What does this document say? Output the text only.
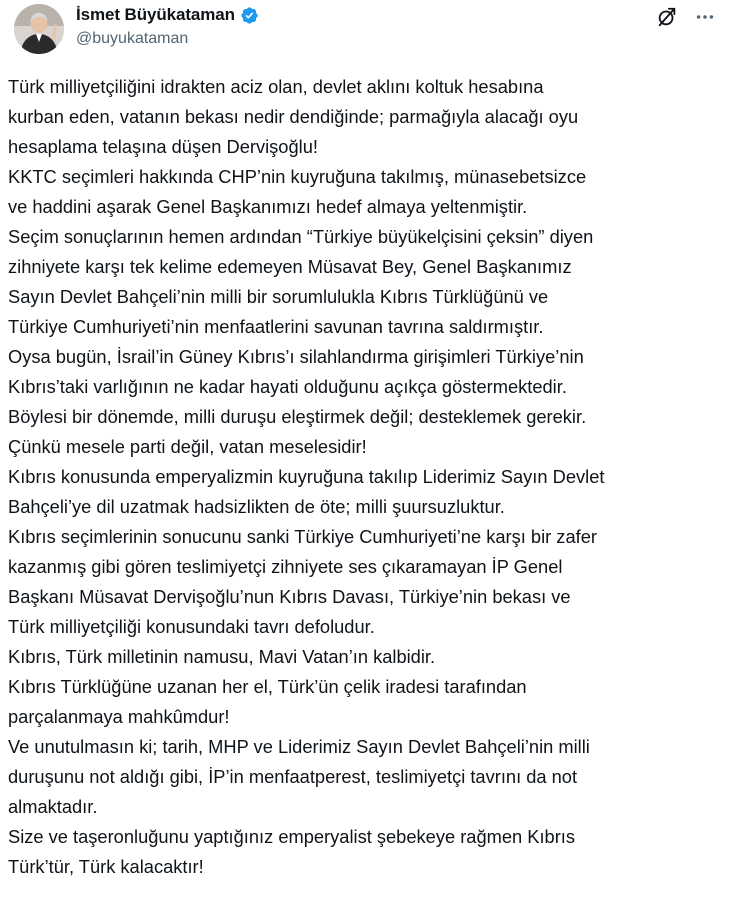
İsmet Büyükataman
@buyukataman

Türk milliyetçiliğini idrakten aciz olan, devlet aklını koltuk hesabına
kurban eden, vatanın bekası nedir dendiğinde; parmağıyla alacağı oyu
hesaplama telaşına düşen Dervişoğlu!

KKTC seçimleri hakkında CHP’nin kuyruğuna takılmış, münasebetsizce
ve haddini aşarak Genel Başkanımızı hedef almaya yeltenmiştir.

Seçim sonuçlarının hemen ardından “Türkiye büyükelçisini çeksin” diyen
zihniyete karşı tek kelime edemeyen Müsavat Bey, Genel Başkanımız
Sayın Devlet Bahçeli’nin milli bir sorumlulukla Kıbrıs Türklüğünü ve
Türkiye Cumhuriyeti’nin menfaatlerini savunan tavrına saldırmıştır.

Oysa bugün, İsrail’in Güney Kıbrıs’ı silahlandırma girişimleri Türkiye’nin
Kıbrıs’taki varlığının ne kadar hayati olduğunu açıkça göstermektedir.

Böylesi bir dönemde, milli duruşu eleştirmek değil; desteklemek gerekir.

Çünkü mesele parti değil, vatan meselesidir!

Kıbrıs konusunda emperyalizmin kuyruğuna takılıp Liderimiz Sayın Devlet
Bahçeli’ye dil uzatmak hadsizlikten de öte; milli şuursuzluktur.

Kıbrıs seçimlerinin sonucunu sanki Türkiye Cumhuriyeti’ne karşı bir zafer
kazanmış gibi gören teslimiyetçi zihniyete ses çıkaramayan İP Genel
Başkanı Müsavat Dervişoğlu’nun Kıbrıs Davası, Türkiye’nin bekası ve
Türk milliyetçiliği konusundaki tavrı defoludur.

Kıbrıs, Türk milletinin namusu, Mavi Vatan’ın kalbidir.

Kıbrıs Türklüğüne uzanan her el, Türk’ün çelik iradesi tarafından
parçalanmaya mahkûmdur!

Ve unutulmasın ki; tarih, MHP ve Liderimiz Sayın Devlet Bahçeli’nin milli
duruşunu not aldığı gibi, İP’in menfaatperest, teslimiyetçi tavrını da not
almaktadır.

Size ve taşeronluğunu yaptığınız emperyalist şebekeye rağmen Kıbrıs
Türk’tür, Türk kalacaktır!
